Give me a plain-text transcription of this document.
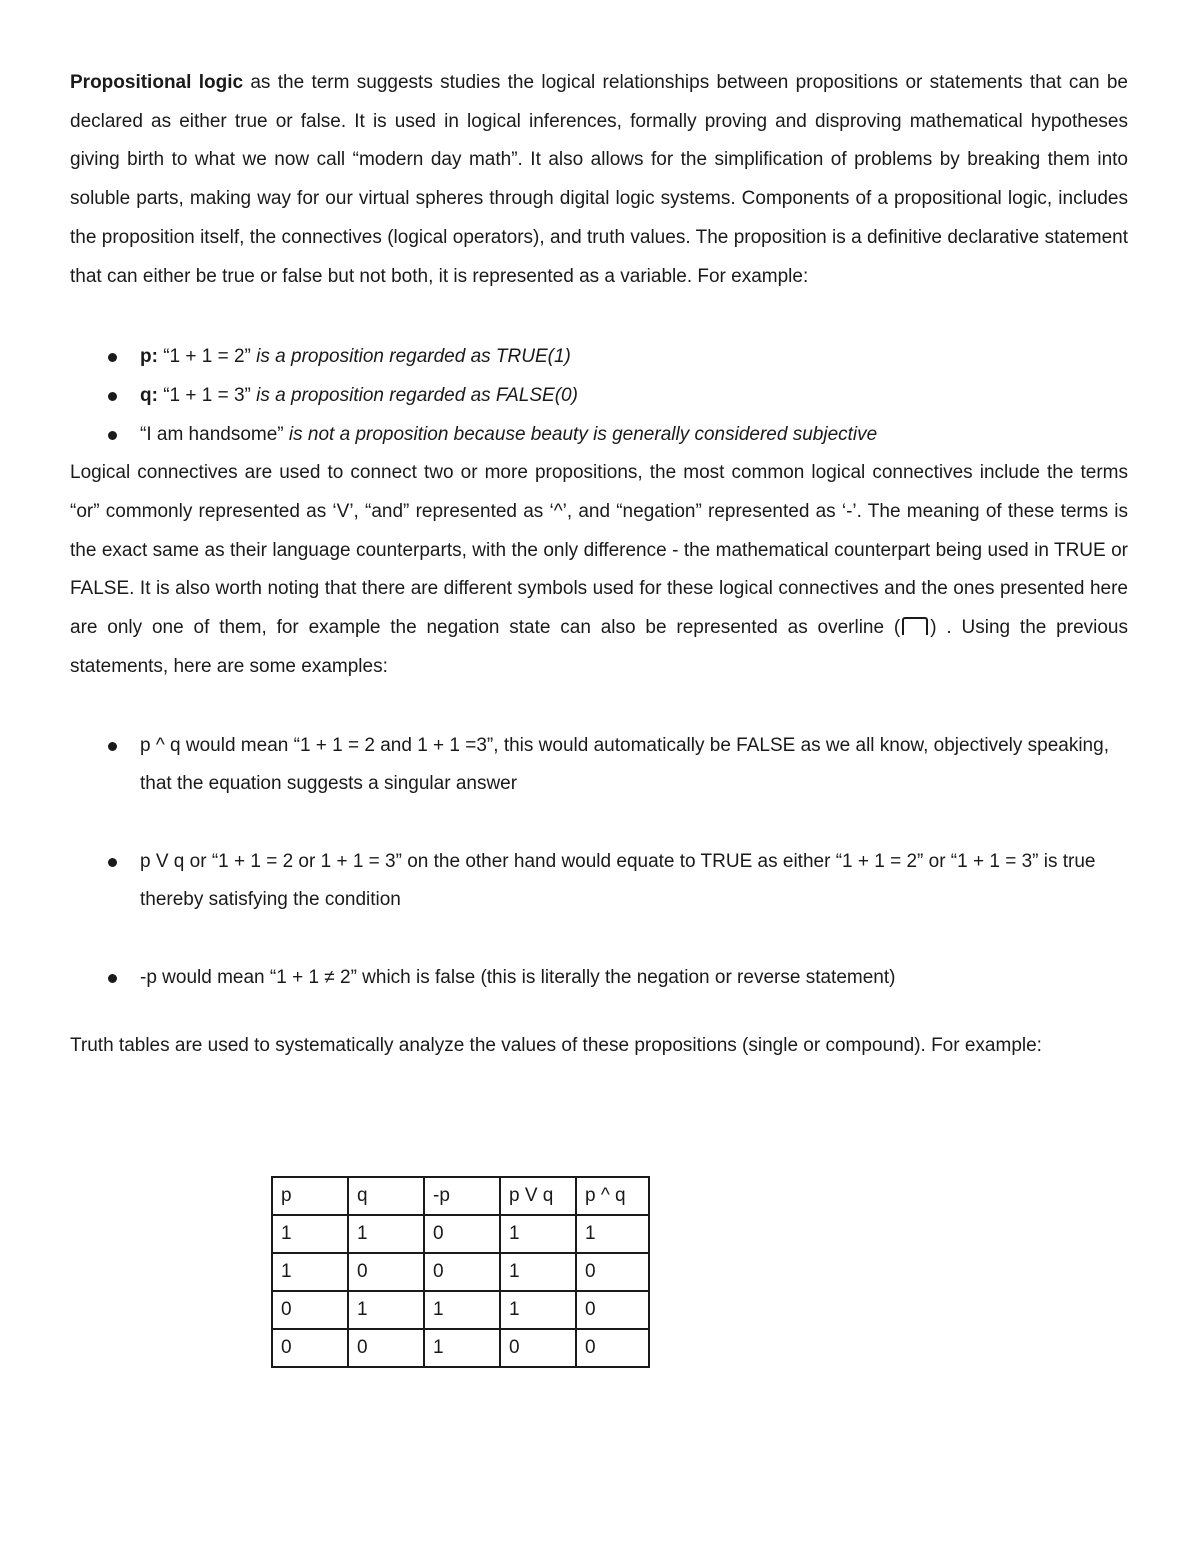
Propositional logic as the term suggests studies the logical relationships between propositions or statements that can be declared as either true or false. It is used in logical inferences, formally proving and disproving mathematical hypotheses giving birth to what we now call “modern day math”. It also allows for the simplification of problems by breaking them into soluble parts, making way for our virtual spheres through digital logic systems. Components of a propositional logic, includes the proposition itself, the connectives (logical operators), and truth values. The proposition is a definitive declarative statement that can either be true or false but not both, it is represented as a variable. For example:

p: “1 + 1 = 2” is a proposition regarded as TRUE(1)
q: “1 + 1 = 3” is a proposition regarded as FALSE(0)
“I am handsome” is not a proposition because beauty is generally considered subjective

Logical connectives are used to connect two or more propositions, the most common logical connectives include the terms “or” commonly represented as ‘V’, “and” represented as ‘^’, and “negation” represented as ‘-’. The meaning of these terms is the exact same as their language counterparts, with the only difference - the mathematical counterpart being used in TRUE or FALSE. It is also worth noting that there are different symbols used for these logical connectives and the ones presented here are only one of them, for example the negation state can also be represented as overline ( ) . Using the previous statements, here are some examples:

p ^ q would mean “1 + 1 = 2 and 1 + 1 =3”, this would automatically be FALSE as we all know, objectively speaking, that the equation suggests a singular answer
p V q or “1 + 1 = 2 or 1 + 1 = 3” on the other hand would equate to TRUE as either “1 + 1 = 2” or “1 + 1 = 3” is true thereby satisfying the condition
-p would mean “1 + 1 ≠ 2” which is false (this is literally the negation or reverse statement)

Truth tables are used to systematically analyze the values of these propositions (single or compound). For example:

p	q	-p	p V q	p ^ q
1	1	0	1	1
1	0	0	1	0
0	1	1	1	0
0	0	1	0	0
